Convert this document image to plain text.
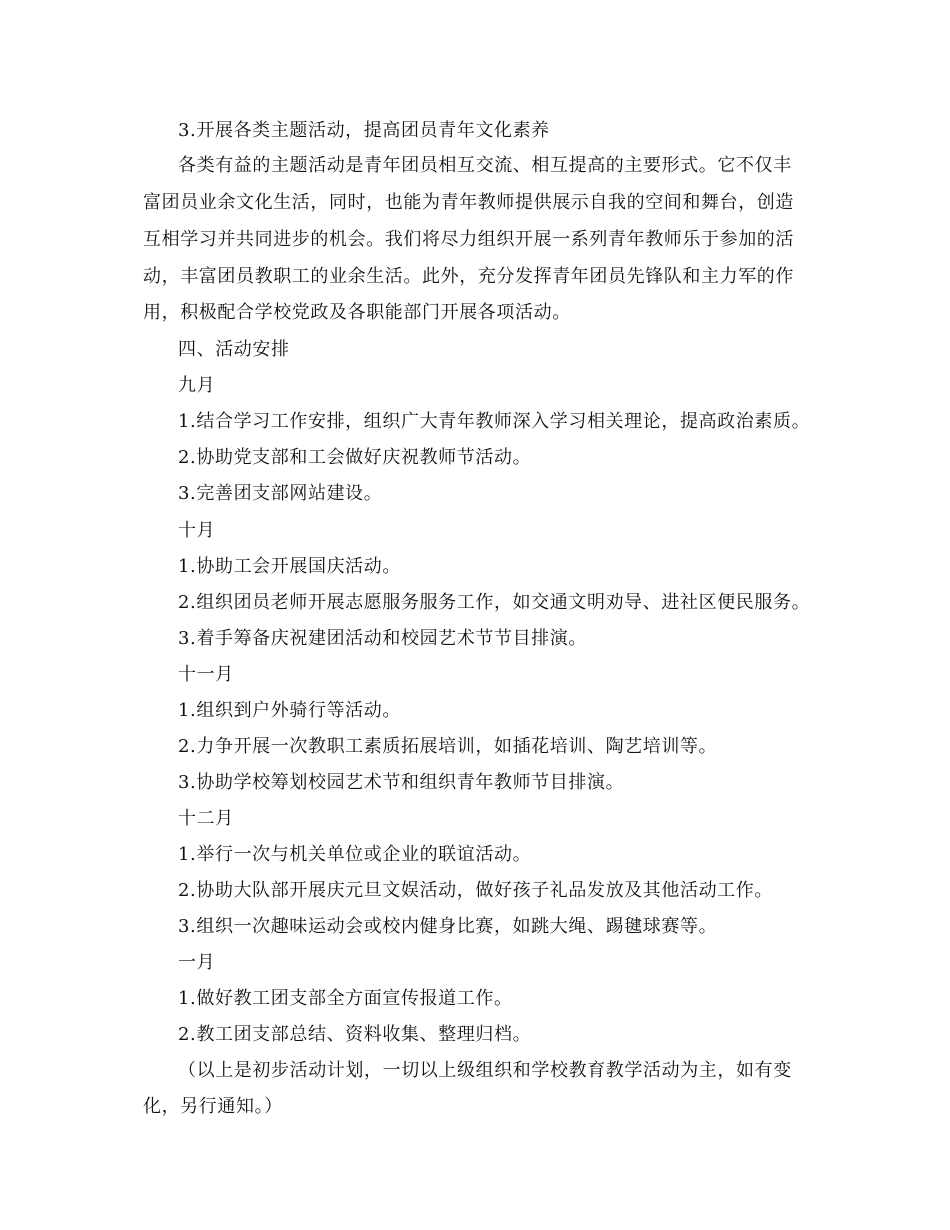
3.开展各类主题活动，提高团员青年文化素养
各类有益的主题活动是青年团员相互交流、相互提高的主要形式。它不仅丰
富团员业余文化生活，同时，也能为青年教师提供展示自我的空间和舞台，创造
互相学习并共同进步的机会。我们将尽力组织开展一系列青年教师乐于参加的活
动，丰富团员教职工的业余生活。此外，充分发挥青年团员先锋队和主力军的作
用，积极配合学校党政及各职能部门开展各项活动。
四、活动安排
九月
1.结合学习工作安排，组织广大青年教师深入学习相关理论，提高政治素质。
2.协助党支部和工会做好庆祝教师节活动。
3.完善团支部网站建设。
十月
1.协助工会开展国庆活动。
2.组织团员老师开展志愿服务服务工作，如交通文明劝导、进社区便民服务。
3.着手筹备庆祝建团活动和校园艺术节节目排演。
十一月
1.组织到户外骑行等活动。
2.力争开展一次教职工素质拓展培训，如插花培训、陶艺培训等。
3.协助学校筹划校园艺术节和组织青年教师节目排演。
十二月
1.举行一次与机关单位或企业的联谊活动。
2.协助大队部开展庆元旦文娱活动，做好孩子礼品发放及其他活动工作。
3.组织一次趣味运动会或校内健身比赛，如跳大绳、踢毽球赛等。
一月
1.做好教工团支部全方面宣传报道工作。
2.教工团支部总结、资料收集、整理归档。
（以上是初步活动计划，一切以上级组织和学校教育教学活动为主，如有变
化，另行通知。）
